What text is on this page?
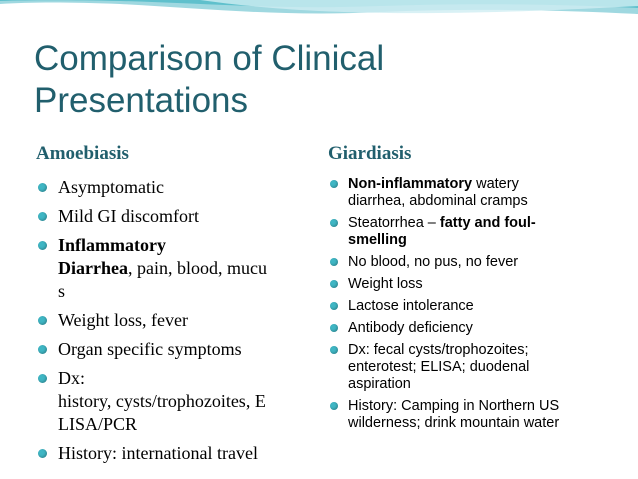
Comparison of Clinical
Presentations
Amoebiasis	Giardiasis
Asymptomatic
Mild GI discomfort
Inflammatory
Diarrhea, pain, blood, mucu
s
Weight loss, fever
Organ specific symptoms
Dx:
history, cysts/trophozoites, E
LISA/PCR
History: international travel
Non-inflammatory watery
diarrhea, abdominal cramps
Steatorrhea – fatty and foul-
smelling
No blood, no pus, no fever
Weight loss
Lactose intolerance
Antibody deficiency
Dx: fecal cysts/trophozoites;
enterotest; ELISA; duodenal
aspiration
History: Camping in Northern US
wilderness; drink mountain water
